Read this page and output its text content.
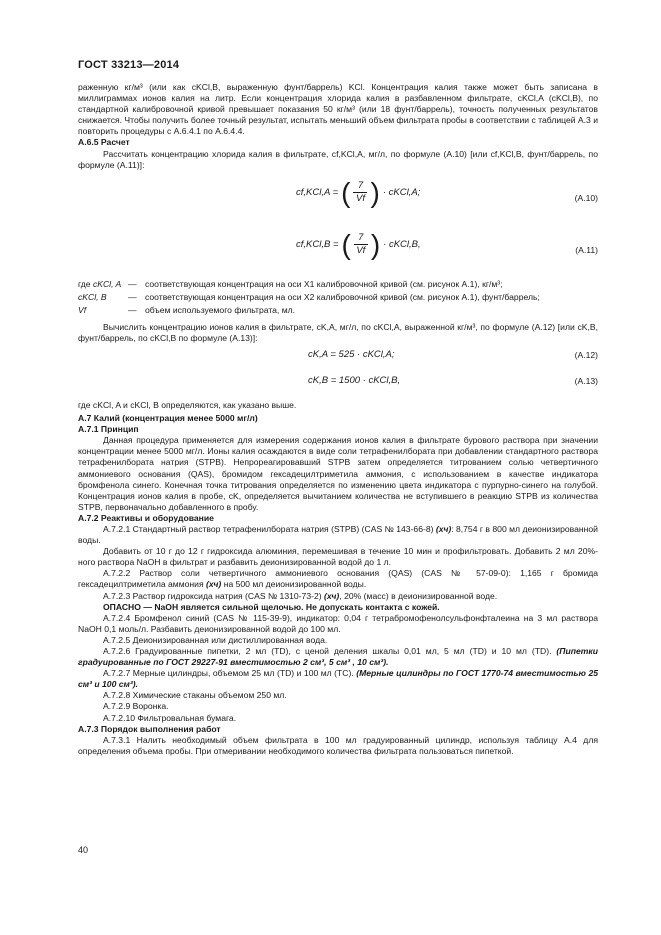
ГОСТ 33213—2014

раженную кг/м³ (или как cKCl,B, выраженную фунт/баррель) KCl. Концентрация калия также может быть записана в миллиграммах ионов калия на литр. Если концентрация хлорида калия в разбавленном фильтрате, cKCl,A (cKCl,B), по стандартной калибровочной кривой превышает показания 50 кг/м³ (или 18 фунт/баррель), точность полученных результатов снижается. Чтобы получить более точный результат, испытать меньший объем фильтрата пробы в соответствии с таблицей А.3 и повторить процедуры с А.6.4.1 по А.6.4.4.

А.6.5 Расчет

Рассчитать концентрацию хлорида калия в фильтрате, cf,KCl,A, мг/л, по формуле (А.10) [или cf,KCl,B, фунт/баррель, по формуле (А.11)]:

cf,KCl,A = ( $\frac{7}{Vf}$ ) · cKCl,A;	(А.10)
cf,KCl,B = ( $\frac{7}{Vf}$ ) · cKCl,B,	(А.11)
где cKCl, A — соответствующая концентрация на оси X1 калибровочной кривой (см. рисунок А.1), кг/м³;
cKCl, B	— соответствующая концентрация на оси X2 калибровочной кривой (см. рисунок А.1), фунт/баррель;
Vf	— объем используемого фильтрата, мл.

Вычислить концентрацию ионов калия в фильтрате, cK,A, мг/л, по cKCl,A, выраженной кг/м³, по формуле (А.12) [или cK,B, фунт/баррель, по cKCl,B по формуле (А.13)]:

cK,A = 525 · cKCl,A;	(А.12)
cK,B = 1500 · cKCl,B,	(А.13)

где cKCl, A и cKCl, B определяются, как указано выше.

А.7 Калий (концентрация менее 5000 мг/л)

А.7.1 Принцип

Данная процедура применяется для измерения содержания ионов калия в фильтрате бурового раствора при значении концентрации менее 5000 мг/л. Ионы калия осаждаются в виде соли тетрафенилбората при добавлении стандартного раствора тетрафенилбората натрия (STPB). Непрореагировавший STPB затем определяется титрованием солью четвертичного аммониевого основания (QAS), бромидом гексадецилтриметила аммония, с использованием в качестве индикатора бромфенола синего. Конечная точка титрования определяется по изменению цвета индикатора с пурпурно-синего на голубой. Концентрация ионов калия в пробе, cK, определяется вычитанием количества не вступившего в реакцию STPB из количества STPB, первоначально добавленного в пробу.

А.7.2 Реактивы и оборудование

А.7.2.1 Стандартный раствор тетрафенилбората натрия (STPB) (CAS № 143-66-8) (хч): 8,754 г в 800 мл деионизированной воды.

Добавить от 10 г до 12 г гидроксида алюминия, перемешивая в течение 10 мин и профильтровать. Добавить 2 мл 20%-ного раствора NaOH в фильтрат и разбавить деионизированной водой до 1 л.

А.7.2.2 Раствор соли четвертичного аммониевого основания (QAS) (CAS № 57-09-0): 1,165 г бромида гексадецилтриметила аммония (хч) на 500 мл деионизированной воды.

А.7.2.3 Раствор гидроксида натрия (CAS № 1310-73-2) (хч), 20% (масс) в деионизированной воде.

ОПАСНО — NaOH является сильной щелочью. Не допускать контакта с кожей.

А.7.2.4 Бромфенол синий (CAS № 115-39-9), индикатор: 0,04 г тетрабромофенолсульфонфталеина на 3 мл раствора NaOH 0,1 моль/л. Разбавить деионизированной водой до 100 мл.

А.7.2.5 Деионизированная или дистиллированная вода.

А.7.2.6 Градуированные пипетки, 2 мл (TD), с ценой деления шкалы 0,01 мл, 5 мл (TD) и 10 мл (TD). (Пипетки градуированные по ГОСТ 29227-91 вместимостью 2 см³, 5 см³ , 10 см³).

А.7.2.7 Мерные цилиндры, объемом 25 мл (TD) и 100 мл (TC). (Мерные цилиндры по ГОСТ 1770-74 вместимостью 25 см³ и 100 см³).

А.7.2.8 Химические стаканы объемом 250 мл.

А.7.2.9 Воронка.

А.7.2.10 Фильтровальная бумага.

А.7.3 Порядок выполнения работ

А.7.3.1 Налить необходимый объем фильтрата в 100 мл градуированный цилиндр, используя таблицу А.4 для определения объема пробы. При отмеривании необходимого количества фильтрата пользоваться пипеткой.

40
